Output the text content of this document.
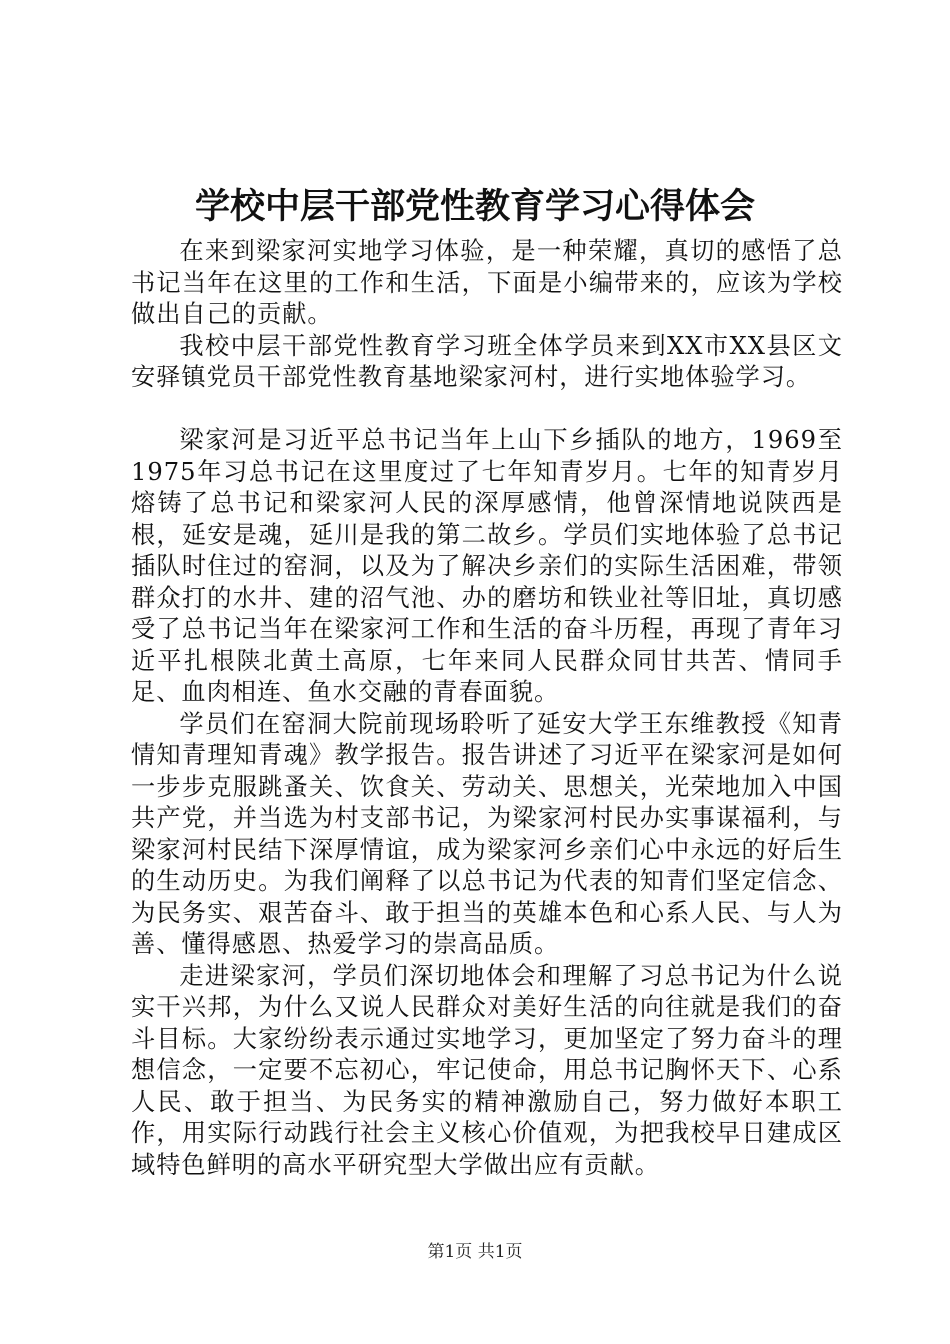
学校中层干部党性教育学习心得体会

在来到梁家河实地学习体验，是一种荣耀，真切的感悟了总书记当年在这里的工作和生活，下面是小编带来的，应该为学校做出自己的贡献。

我校中层干部党性教育学习班全体学员来到XX市XX县区文安驿镇党员干部党性教育基地梁家河村，进行实地体验学习。

梁家河是习近平总书记当年上山下乡插队的地方，1969至1975年习总书记在这里度过了七年知青岁月。七年的知青岁月熔铸了总书记和梁家河人民的深厚感情，他曾深情地说陕西是根，延安是魂，延川是我的第二故乡。学员们实地体验了总书记插队时住过的窑洞，以及为了解决乡亲们的实际生活困难，带领群众打的水井、建的沼气池、办的磨坊和铁业社等旧址，真切感受了总书记当年在梁家河工作和生活的奋斗历程，再现了青年习近平扎根陕北黄土高原，七年来同人民群众同甘共苦、情同手足、血肉相连、鱼水交融的青春面貌。

学员们在窑洞大院前现场聆听了延安大学王东维教授《知青情知青理知青魂》教学报告。报告讲述了习近平在梁家河是如何一步步克服跳蚤关、饮食关、劳动关、思想关，光荣地加入中国共产党，并当选为村支部书记，为梁家河村民办实事谋福利，与梁家河村民结下深厚情谊，成为梁家河乡亲们心中永远的好后生的生动历史。为我们阐释了以总书记为代表的知青们坚定信念、为民务实、艰苦奋斗、敢于担当的英雄本色和心系人民、与人为善、懂得感恩、热爱学习的崇高品质。

走进梁家河，学员们深切地体会和理解了习总书记为什么说实干兴邦，为什么又说人民群众对美好生活的向往就是我们的奋斗目标。大家纷纷表示通过实地学习，更加坚定了努力奋斗的理想信念，一定要不忘初心，牢记使命，用总书记胸怀天下、心系人民、敢于担当、为民务实的精神激励自己，努力做好本职工作，用实际行动践行社会主义核心价值观，为把我校早日建成区域特色鲜明的高水平研究型大学做出应有贡献。

第1页 共1页
